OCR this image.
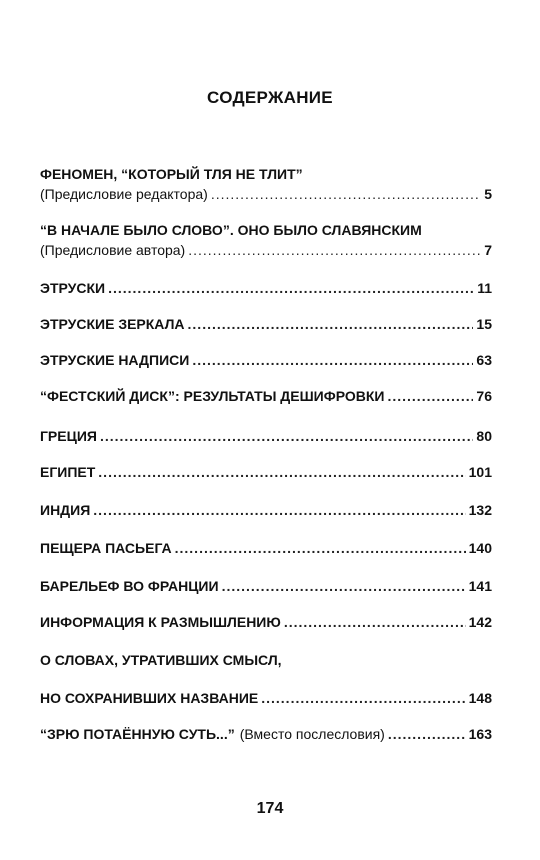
СОДЕРЖАНИЕ
ФЕНОМЕН, “КОТОРЫЙ ТЛЯ НЕ ТЛИТ”
(Предисловие редактора) .....	5
“В НАЧАЛЕ БЫЛО СЛОВО”. ОНО БЫЛО СЛАВЯНСКИМ
(Предисловие автора) .....	7
ЭТРУСКИ .....	11
ЭТРУСКИЕ ЗЕРКАЛА .....	15
ЭТРУСКИЕ НАДПИСИ .....	63
“ФЕСТСКИЙ ДИСК”: РЕЗУЛЬТАТЫ ДЕШИФРОВКИ .....	76
ГРЕЦИЯ .....	80
ЕГИПЕТ .....	101
ИНДИЯ .....	132
ПЕЩЕРА ПАСЬЕГА .....	140
БАРЕЛЬЕФ ВО ФРАНЦИИ .....	141
ИНФОРМАЦИЯ К РАЗМЫШЛЕНИЮ .....	142
О СЛОВАХ, УТРАТИВШИХ СМЫСЛ,
НО СОХРАНИВШИХ НАЗВАНИЕ .....	148
“ЗРЮ ПОТАЁННУЮ СУТЬ...” (Вместо послесловия) .....	163
174
